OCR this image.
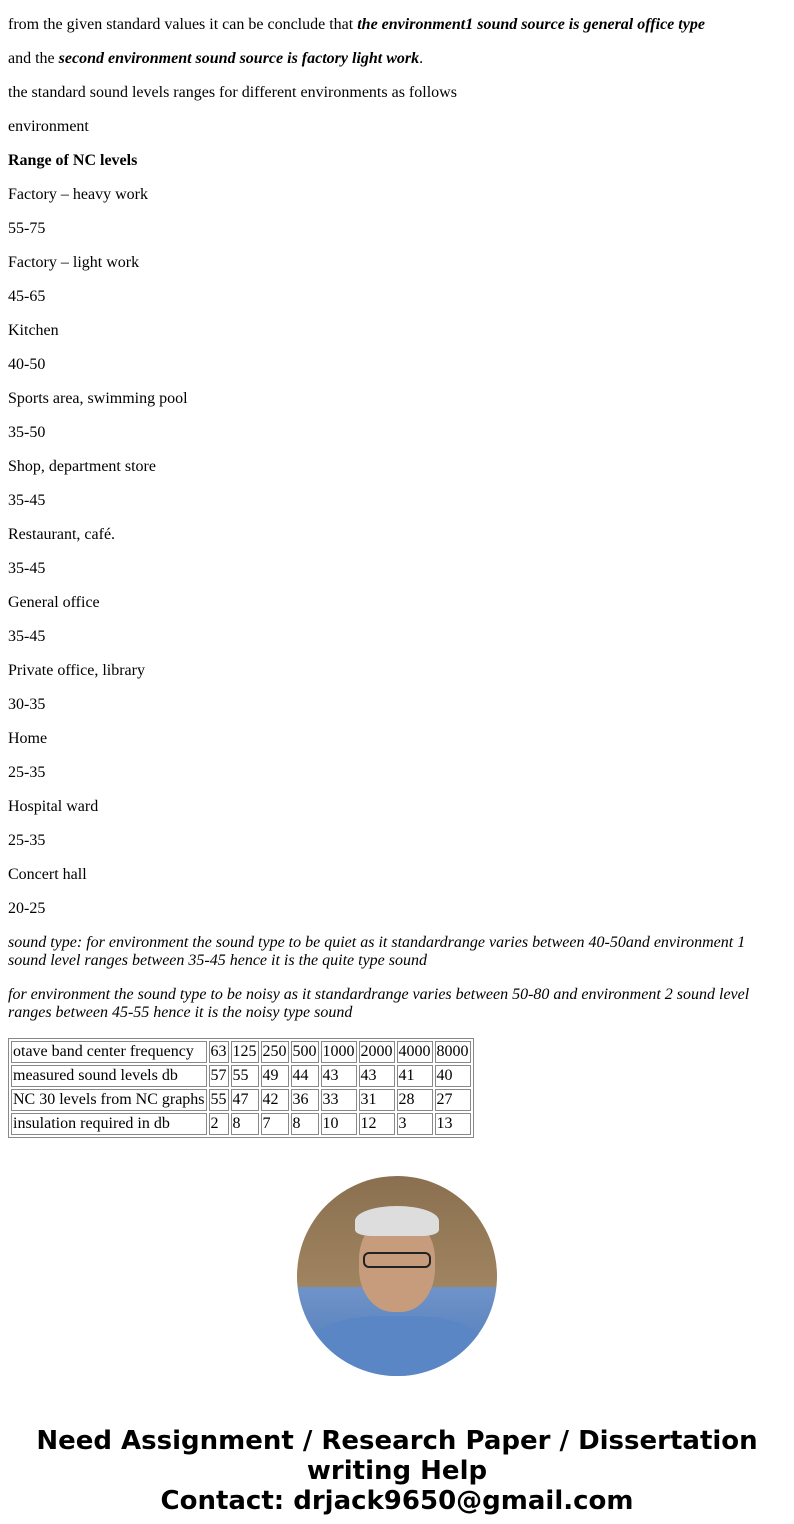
from the given standard values it can be conclude that the environment1 sound source is general office type

and the second environment sound source is factory light work.

the standard sound levels ranges for different environments as follows

environment

Range of NC levels

Factory – heavy work

55-75

Factory – light work

45-65

Kitchen

40-50

Sports area, swimming pool

35-50

Shop, department store

35-45

Restaurant, café.

35-45

General office

35-45

Private office, library

30-35

Home

25-35

Hospital ward

25-35

Concert hall

20-25

sound type: for environment the sound type to be quiet as it standardrange varies between 40-50and environment 1 sound level ranges between 35-45 hence it is the quite type sound

for environment the sound type to be noisy as it standardrange varies between 50-80 and environment 2 sound level ranges between 45-55 hence it is the noisy type sound

otave band center frequency	63	125	250	500	1000	2000	4000	8000
measured sound levels db	57	55	49	44	43	43	41	40
NC 30 levels from NC graphs	55	47	42	36	33	31	28	27
insulation required in db	2	8	7	8	10	12	3	13
Need Assignment / Research Paper / Dissertation writing Help
Contact: drjack9650@gmail.com
